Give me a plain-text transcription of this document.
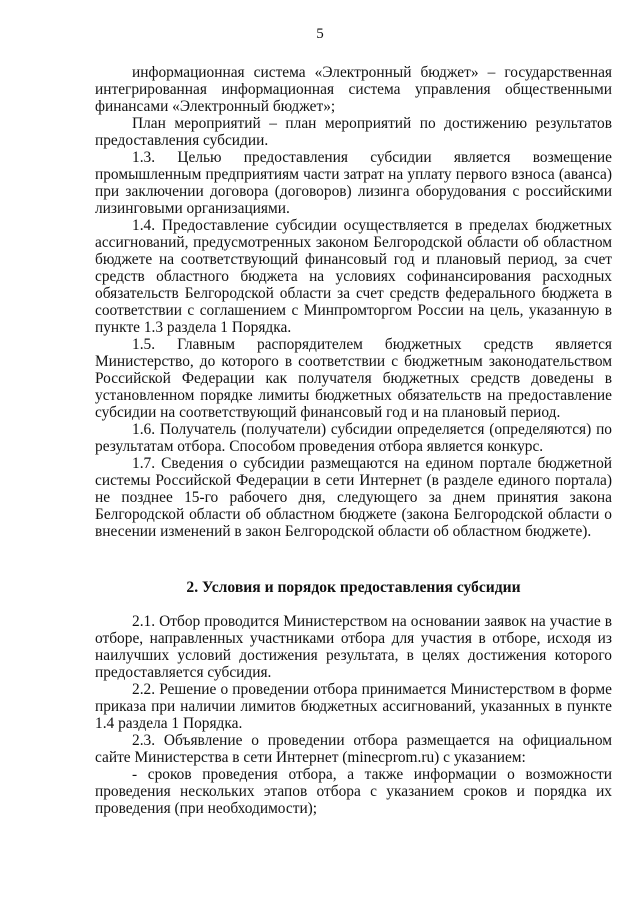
5

информационная система «Электронный бюджет» – государственная интегрированная информационная система управления общественными финансами «Электронный бюджет»;

План мероприятий – план мероприятий по достижению результатов предоставления субсидии.

1.3. Целью предоставления субсидии является возмещение промышленным предприятиям части затрат на уплату первого взноса (аванса) при заключении договора (договоров) лизинга оборудования с российскими лизинговыми организациями.

1.4. Предоставление субсидии осуществляется в пределах бюджетных ассигнований, предусмотренных законом Белгородской области об областном бюджете на соответствующий финансовый год и плановый период, за счет средств областного бюджета на условиях софинансирования расходных обязательств Белгородской области за счет средств федерального бюджета в соответствии с соглашением с Минпромторгом России на цель, указанную в пункте 1.3 раздела 1 Порядка.

1.5. Главным распорядителем бюджетных средств является Министерство, до которого в соответствии с бюджетным законодательством Российской Федерации как получателя бюджетных средств доведены в установленном порядке лимиты бюджетных обязательств на предоставление субсидии на соответствующий финансовый год и на плановый период.

1.6. Получатель (получатели) субсидии определяется (определяются) по результатам отбора. Способом проведения отбора является конкурс.

1.7. Сведения о субсидии размещаются на едином портале бюджетной системы Российской Федерации в сети Интернет (в разделе единого портала) не позднее 15-го рабочего дня, следующего за днем принятия закона Белгородской области об областном бюджете (закона Белгородской области о внесении изменений в закон Белгородской области об областном бюджете).

2. Условия и порядок предоставления субсидии

2.1. Отбор проводится Министерством на основании заявок на участие в отборе, направленных участниками отбора для участия в отборе, исходя из наилучших условий достижения результата, в целях достижения которого предоставляется субсидия.

2.2. Решение о проведении отбора принимается Министерством в форме приказа при наличии лимитов бюджетных ассигнований, указанных в пункте 1.4 раздела 1 Порядка.

2.3. Объявление о проведении отбора размещается на официальном сайте Министерства в сети Интернет (minecprom.ru) с указанием:

- сроков проведения отбора, а также информации о возможности проведения нескольких этапов отбора с указанием сроков и порядка их проведения (при необходимости);
